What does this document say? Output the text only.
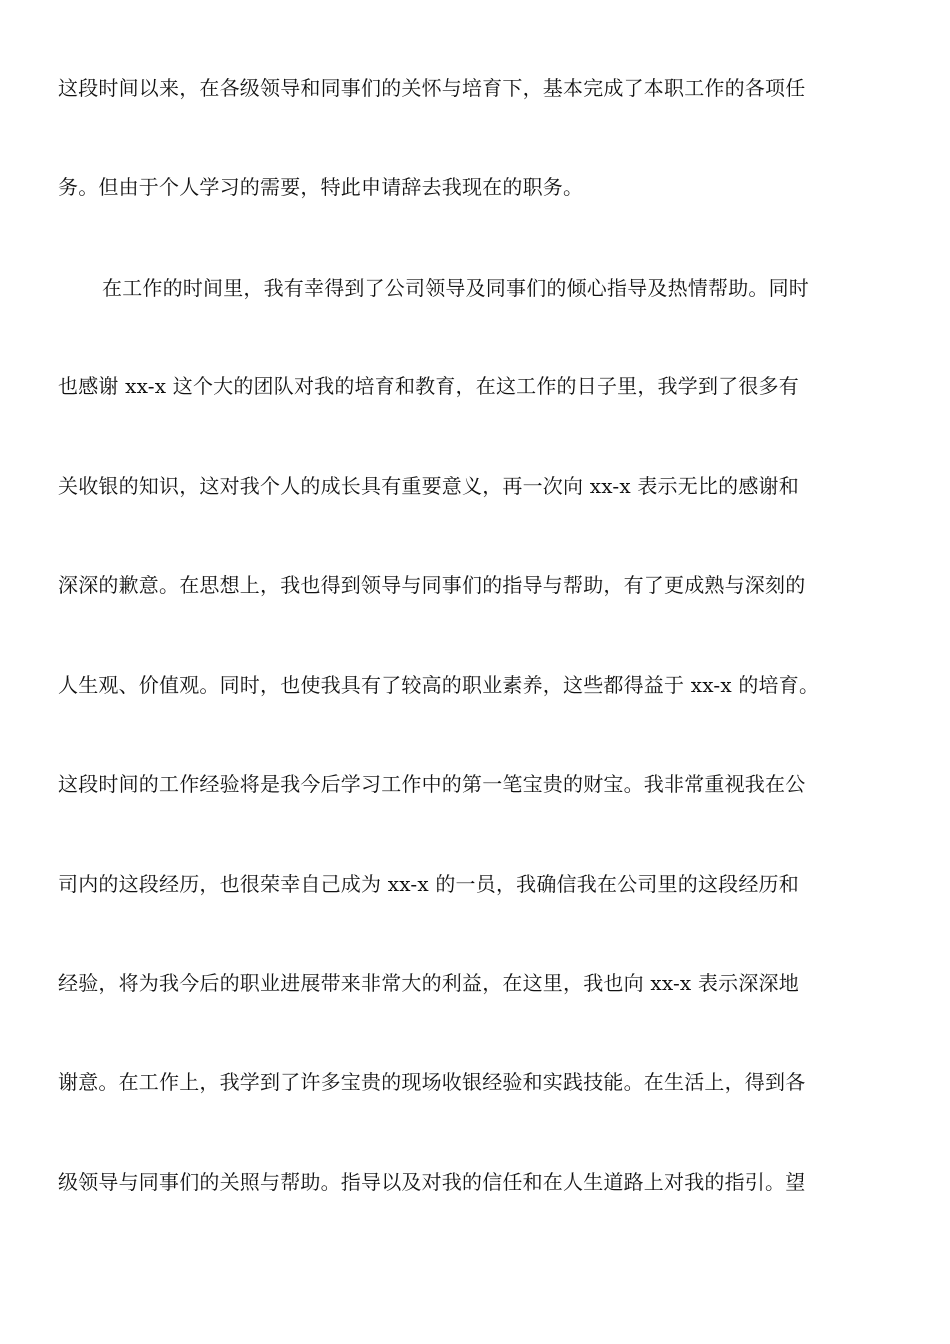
这段时间以来，在各级领导和同事们的关怀与培育下，基本完成了本职工作的各项任

务。但由于个人学习的需要，特此申请辞去我现在的职务。

在工作的时间里，我有幸得到了公司领导及同事们的倾心指导及热情帮助。同时

也感谢 xx-x 这个大的团队对我的培育和教育，在这工作的日子里，我学到了很多有

关收银的知识，这对我个人的成长具有重要意义，再一次向 xx-x 表示无比的感谢和

深深的歉意。在思想上，我也得到领导与同事们的指导与帮助，有了更成熟与深刻的

人生观、价值观。同时，也使我具有了较高的职业素养，这些都得益于 xx-x 的培育。

这段时间的工作经验将是我今后学习工作中的第一笔宝贵的财宝。我非常重视我在公

司内的这段经历，也很荣幸自己成为 xx-x 的一员，我确信我在公司里的这段经历和

经验，将为我今后的职业进展带来非常大的利益，在这里，我也向 xx-x 表示深深地

谢意。在工作上，我学到了许多宝贵的现场收银经验和实践技能。在生活上，得到各

级领导与同事们的关照与帮助。指导以及对我的信任和在人生道路上对我的指引。望
